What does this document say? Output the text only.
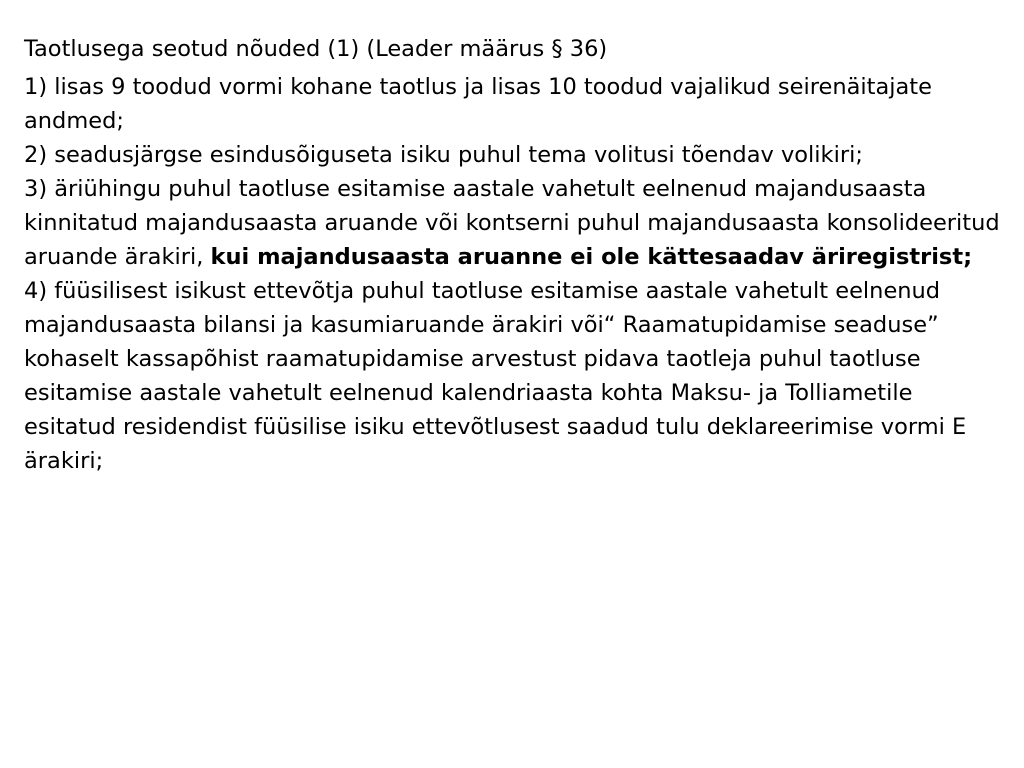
Taotlusega seotud nõuded (1) (Leader määrus § 36)

1) lisas 9 toodud vormi kohane taotlus ja lisas 10 toodud vajalikud seirenäitajate andmed;

2) seadusjärgse esindusõiguseta isiku puhul tema volitusi tõendav volikiri;

3) äriühingu puhul taotluse esitamise aastale vahetult eelnenud majandusaasta kinnitatud majandusaasta aruande või kontserni puhul majandusaasta konsolideeritud aruande ärakiri, kui majandusaasta aruanne ei ole kättesaadav äriregistrist;

4) füüsilisest isikust ettevõtja puhul taotluse esitamise aastale vahetult eelnenud majandusaasta bilansi ja kasumiaruande ärakiri või“ Raamatupidamise seaduse” kohaselt kassapõhist raamatupidamise arvestust pidava taotleja puhul taotluse esitamise aastale vahetult eelnenud kalendriaasta kohta Maksu- ja Tolliametile esitatud residendist füüsilise isiku ettevõtlusest saadud tulu deklareerimise vormi E ärakiri;
